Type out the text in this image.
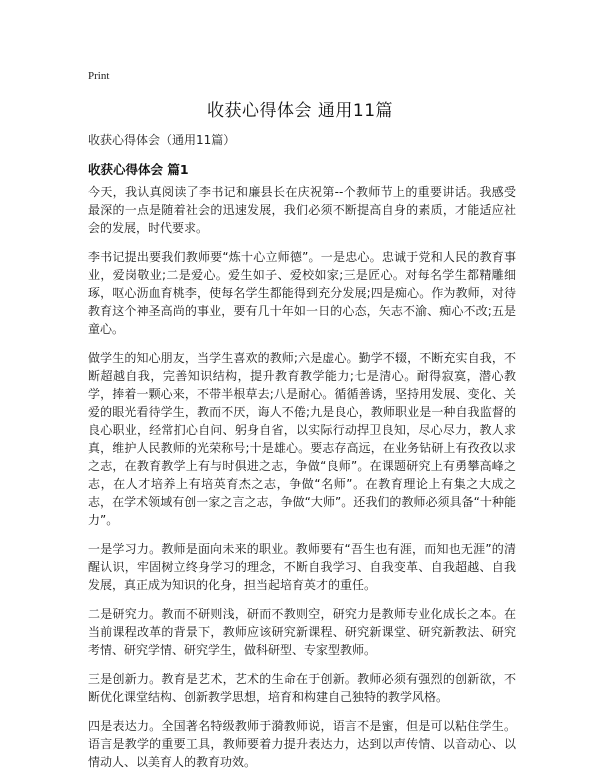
Print
收获心得体会 通用11篇
收获心得体会（通用11篇）
收获心得体会 篇1

今天，我认真阅读了李书记和廉县长在庆祝第--个教师节上的重要讲话。我感受最深的一点是随着社会的迅速发展，我们必须不断提高自身的素质，才能适应社会的发展，时代要求。

李书记提出要我们教师要“炼十心立师德”。一是忠心。忠诚于党和人民的教育事业，爱岗敬业;二是爱心。爱生如子、爱校如家;三是匠心。对每名学生都精雕细琢，呕心沥血育桃李，使每名学生都能得到充分发展;四是痴心。作为教师，对待教育这个神圣高尚的事业，要有几十年如一日的心态，矢志不渝、痴心不改;五是童心。

做学生的知心朋友，当学生喜欢的教师;六是虚心。勤学不辍，不断充实自我，不断超越自我，完善知识结构，提升教育教学能力;七是清心。耐得寂寞，潜心教学，捧着一颗心来，不带半根草去;八是耐心。循循善诱，坚持用发展、变化、关爱的眼光看待学生，教而不厌，诲人不倦;九是良心，教师职业是一种自我监督的良心职业，经常扪心自问、躬身自省，以实际行动捍卫良知，尽心尽力，教人求真，维护人民教师的光荣称号;十是雄心。要志存高远，在业务钻研上有孜孜以求之志，在教育教学上有与时俱进之志，争做“良师”。在课题研究上有勇攀高峰之志，在人才培养上有培英育杰之志，争做“名师”。在教育理论上有集之大成之志，在学术领域有创一家之言之志，争做“大师”。还我们的教师必须具备“十种能力”。

一是学习力。教师是面向未来的职业。教师要有“吾生也有涯，而知也无涯”的清醒认识，牢固树立终身学习的理念，不断自我学习、自我变革、自我超越、自我发展，真正成为知识的化身，担当起培育英才的重任。

二是研究力。教而不研则浅，研而不教则空，研究力是教师专业化成长之本。在当前课程改革的背景下，教师应该研究新课程、研究新课堂、研究新教法、研究考情、研究学情、研究学生，做科研型、专家型教师。

三是创新力。教育是艺术，艺术的生命在于创新。教师必须有强烈的创新欲，不断优化课堂结构、创新教学思想，培育和构建自己独特的教学风格。

四是表达力。全国著名特级教师于漪教师说，语言不是蜜，但是可以粘住学生。语言是教学的重要工具，教师要着力提升表达力，达到以声传情、以音动心、以情动人、以美育人的教育功效。
